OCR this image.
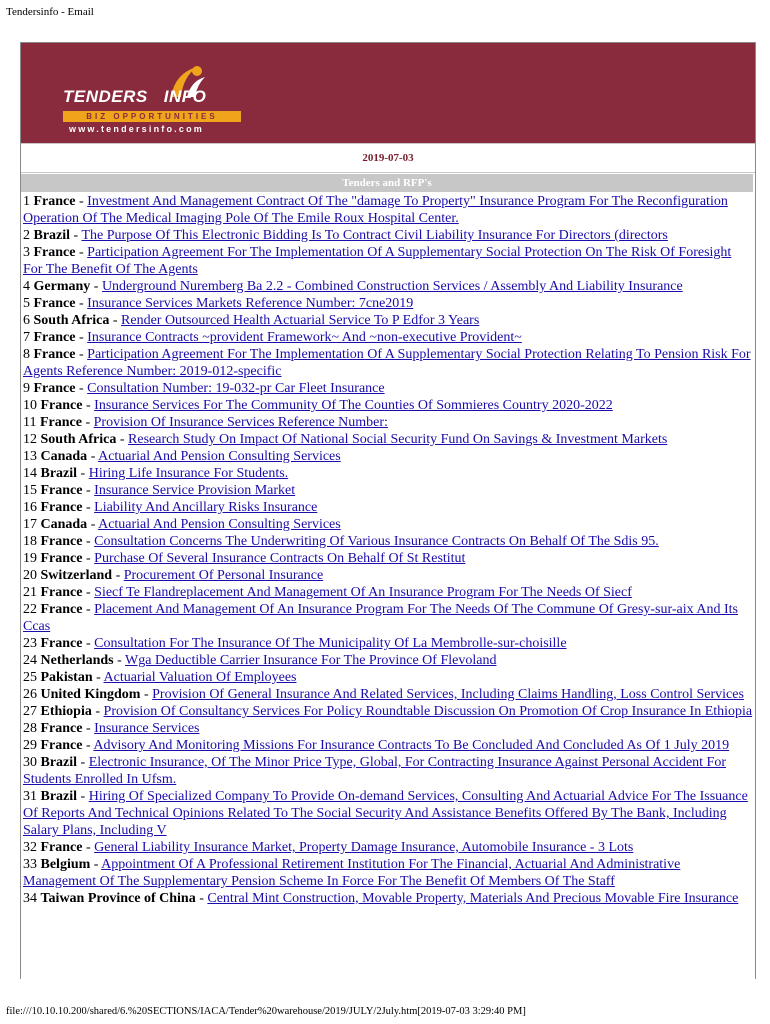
Tendersinfo - Email
TENDERS INFO
BIZ OPPORTUNITIES
www.tendersinfo.com
2019-07-03
Tenders and RFP's
1 France - Investment And Management Contract Of The "damage To Property" Insurance Program For The Reconfiguration Operation Of The Medical Imaging Pole Of The Emile Roux Hospital Center.
2 Brazil - The Purpose Of This Electronic Bidding Is To Contract Civil Liability Insurance For Directors (directors
3 France - Participation Agreement For The Implementation Of A Supplementary Social Protection On The Risk Of Foresight For The Benefit Of The Agents
4 Germany - Underground Nuremberg Ba 2.2 - Combined Construction Services / Assembly And Liability Insurance
5 France - Insurance Services Markets Reference Number: 7cne2019
6 South Africa - Render Outsourced Health Actuarial Service To P Edfor 3 Years
7 France - Insurance Contracts ~provident Framework~ And ~non-executive Provident~
8 France - Participation Agreement For The Implementation Of A Supplementary Social Protection Relating To Pension Risk For Agents Reference Number: 2019-012-specific
9 France - Consultation Number: 19-032-pr Car Fleet Insurance
10 France - Insurance Services For The Community Of The Counties Of Sommieres Country 2020-2022
11 France - Provision Of Insurance Services Reference Number:
12 South Africa - Research Study On Impact Of National Social Security Fund On Savings & Investment Markets
13 Canada - Actuarial And Pension Consulting Services
14 Brazil - Hiring Life Insurance For Students.
15 France - Insurance Service Provision Market
16 France - Liability And Ancillary Risks Insurance
17 Canada - Actuarial And Pension Consulting Services
18 France - Consultation Concerns The Underwriting Of Various Insurance Contracts On Behalf Of The Sdis 95.
19 France - Purchase Of Several Insurance Contracts On Behalf Of St Restitut
20 Switzerland - Procurement Of Personal Insurance
21 France - Siecf Te Flandreplacement And Management Of An Insurance Program For The Needs Of Siecf
22 France - Placement And Management Of An Insurance Program For The Needs Of The Commune Of Gresy-sur-aix And Its Ccas
23 France - Consultation For The Insurance Of The Municipality Of La Membrolle-sur-choisille
24 Netherlands - Wga Deductible Carrier Insurance For The Province Of Flevoland
25 Pakistan - Actuarial Valuation Of Employees
26 United Kingdom - Provision Of General Insurance And Related Services, Including Claims Handling, Loss Control Services
27 Ethiopia - Provision Of Consultancy Services For Policy Roundtable Discussion On Promotion Of Crop Insurance In Ethiopia
28 France - Insurance Services
29 France - Advisory And Monitoring Missions For Insurance Contracts To Be Concluded And Concluded As Of 1 July 2019
30 Brazil - Electronic Insurance, Of The Minor Price Type, Global, For Contracting Insurance Against Personal Accident For Students Enrolled In Ufsm.
31 Brazil - Hiring Of Specialized Company To Provide On-demand Services, Consulting And Actuarial Advice For The Issuance Of Reports And Technical Opinions Related To The Social Security And Assistance Benefits Offered By The Bank, Including Salary Plans, Including V
32 France - General Liability Insurance Market, Property Damage Insurance, Automobile Insurance - 3 Lots
33 Belgium - Appointment Of A Professional Retirement Institution For The Financial, Actuarial And Administrative Management Of The Supplementary Pension Scheme In Force For The Benefit Of Members Of The Staff
34 Taiwan Province of China - Central Mint Construction, Movable Property, Materials And Precious Movable Fire Insurance
file:///10.10.10.200/shared/6.%20SECTIONS/IACA/Tender%20warehouse/2019/JULY/2July.htm[2019-07-03 3:29:40 PM]
